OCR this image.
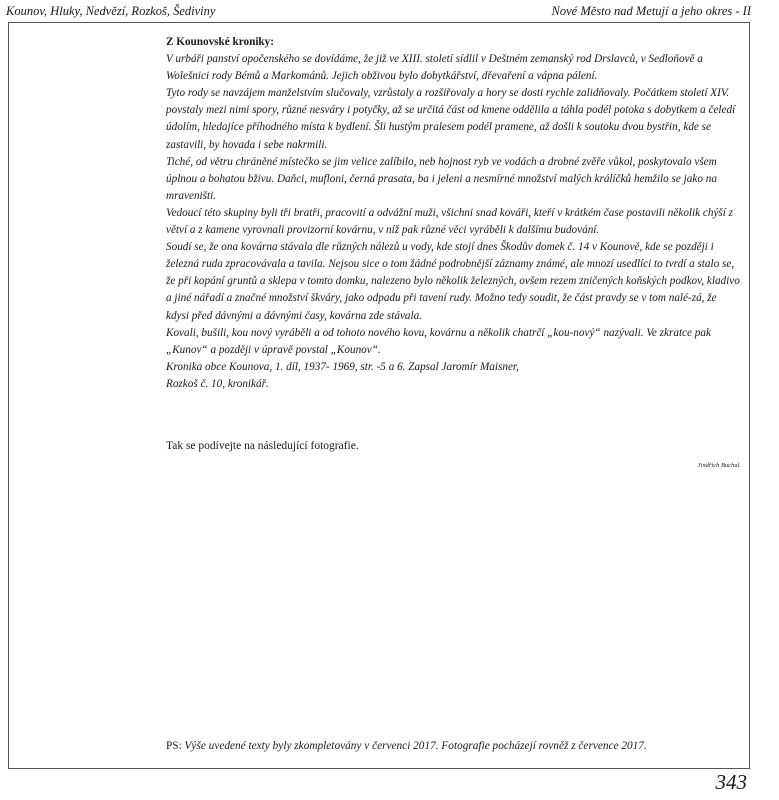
Kounov, Hluky, Nedvězí, Rozkoš, Šediviny	Nové Město nad Metují a jeho okres - II

Z Kounovské kroniky:

V urbáři panství opočenského se dovídáme, že již ve XIII. století sídlil v Deštném zemanský rod Drslavců, v Sedloňově a Wolešnici rody Bémů a Markománů. Jejich obživou bylo dobytkářství, dřevaření a vápna pálení.

Tyto rody se navzájem manželstvím slučovaly, vzrůstaly a rozšiřovaly a hory se dosti rychle zalidňovaly. Počátkem století XIV. povstaly mezi nimi spory, různé nesváry i potyčky, až se určitá část od kmene oddělila a táhla podél potoka s dobytkem a čeledí údolím, hledajíce příhodného místa k bydlení. Šli hustým pralesem podél pramene, až došli k soutoku dvou bystřin, kde se zastavili, by hovada i sebe nakrmili.

Tiché, od větru chráněné místečko se jim velice zalíbilo, neb hojnost ryb ve vodách a drobné zvěře vůkol, poskytovalo všem úplnou a bohatou bživu. Daňci, mufloni, černá prasata, ba i jeleni a nesmírné množství malých králíčků hemžilo se jako na mraveništi.

Vedoucí této skupiny byli tři bratři, pracovití a odvážní muži, všichni snad kováři, kteří v krátkém čase postavili několik chýší z větví a z kamene vyrovnali provizorní kovárnu, v níž pak různé věci vyráběli k dalšímu budování.

Soudí se, že ona kovárna stávala dle různých nálezů u vody, kde stojí dnes Škodův domek č. 14 v Kounově, kde se později i železná ruda zpracovávala a tavila. Nejsou sice o tom žádné podrobnější záznamy známé, ale mnozí usedlíci to tvrdí a stalo se, že při kopání gruntů a sklepa v tomto domku, nalezeno bylo několik železných, ovšem rezem zničených koňských podkov, kladivo a jiné nářadí a značné množství škváry, jako odpadu při tavení rudy. Možno tedy soudit, že část pravdy se v tom nalé-zá, že kdysi před dávnými a dávnými časy, kovárna zde stávala.

Kovali, bušili, kou nový vyráběli a od tohoto nového kovu, kovárnu a několik chatrčí „kou-nový“ nazývali. Ve zkratce pak „Kunov“ a později v úpravě povstal „Kounov“.

Kronika obce Kounova, 1. díl, 1937- 1969, str. -5 a 6. Zapsal Jaromír Maisner,

Rozkoš č. 10, kronikář.

Tak se podívejte na následující fotografie.

Jindřich Buchal.

PS: Výše uvedené texty byly zkompletovány v červenci 2017. Fotografie pocházejí rovněž z července 2017.

343
